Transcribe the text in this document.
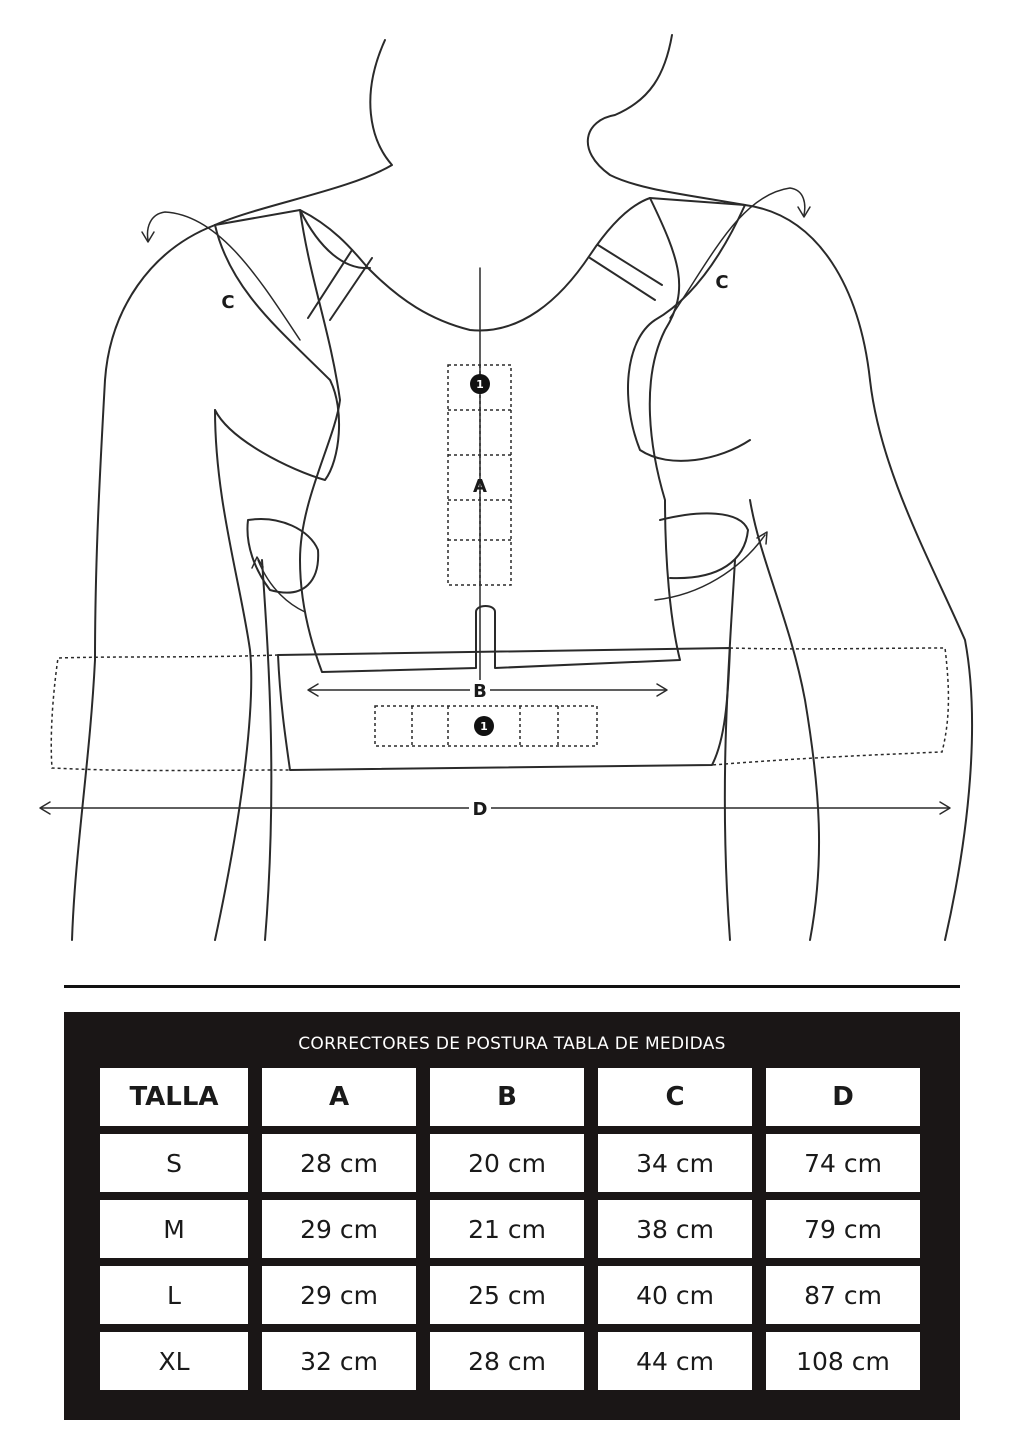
1
1
A
B
C
C
D
CORRECTORES DE POSTURA TABLA DE MEDIDAS
TALLA	A	B	C	D
S	28 cm	20 cm	34 cm	74 cm
M	29 cm	21 cm	38 cm	79 cm
L	29 cm	25 cm	40 cm	87 cm
XL	32 cm	28 cm	44 cm	108 cm
